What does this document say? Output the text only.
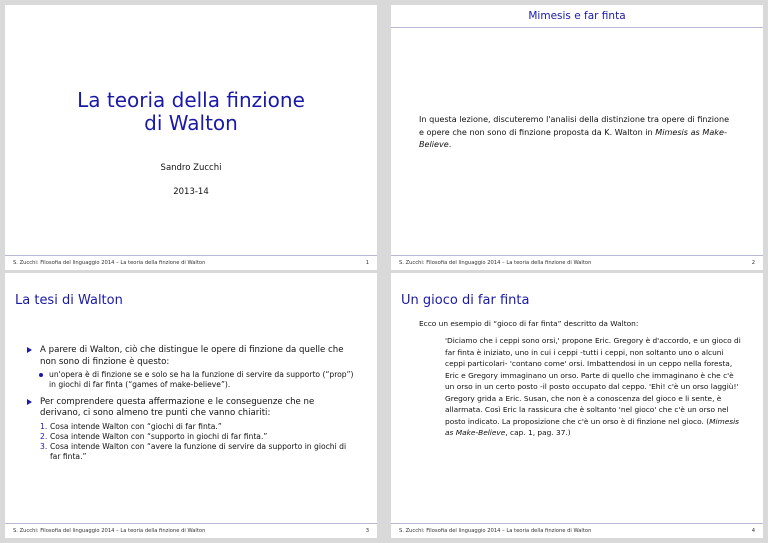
La teoria della finzione
di Walton
Sandro Zucchi
2013-14
S. Zucchi: Filosofia del linguaggio 2014 – La teoria della finzione di Walton	1
Mimesis e far finta
In questa lezione, discuteremo l'analisi della distinzione tra opere di finzione e opere che non sono di finzione proposta da K. Walton in Mimesis as Make-Believe.
S. Zucchi: Filosofia del linguaggio 2014 – La teoria della finzione di Walton	2
La tesi di Walton
A parere di Walton, ciò che distingue le opere di finzione da quelle che non sono di finzione è questo:
un'opera è di finzione se e solo se ha la funzione di servire da supporto (“prop”) in giochi di far finta (“games of make-believe”).
Per comprendere questa affermazione e le conseguenze che ne derivano, ci sono almeno tre punti che vanno chiariti:
1. Cosa intende Walton con “giochi di far finta.”
2. Cosa intende Walton con “supporto in giochi di far finta.”
3. Cosa intende Walton con “avere la funzione di servire da supporto in giochi di far finta.”
S. Zucchi: Filosofia del linguaggio 2014 – La teoria della finzione di Walton	3
Un gioco di far finta
Ecco un esempio di “gioco di far finta” descritto da Walton:
'Diciamo che i ceppi sono orsi,' propone Eric. Gregory è d'accordo, e un gioco di far finta è iniziato, uno in cui i ceppi -tutti i ceppi, non soltanto uno o alcuni ceppi particolari- 'contano come' orsi. Imbattendosi in un ceppo nella foresta, Eric e Gregory immaginano un orso. Parte di quello che immaginano è che c'è un orso in un certo posto -il posto occupato dal ceppo. 'Ehi! c'è un orso laggiù!' Gregory grida a Eric. Susan, che non è a conoscenza del gioco e li sente, è allarmata. Così Eric la rassicura che è soltanto 'nel gioco' che c'è un orso nel posto indicato. La proposizione che c'è un orso è di finzione nel gioco. (Mimesis as Make-Believe, cap. 1, pag. 37.)
S. Zucchi: Filosofia del linguaggio 2014 – La teoria della finzione di Walton	4
